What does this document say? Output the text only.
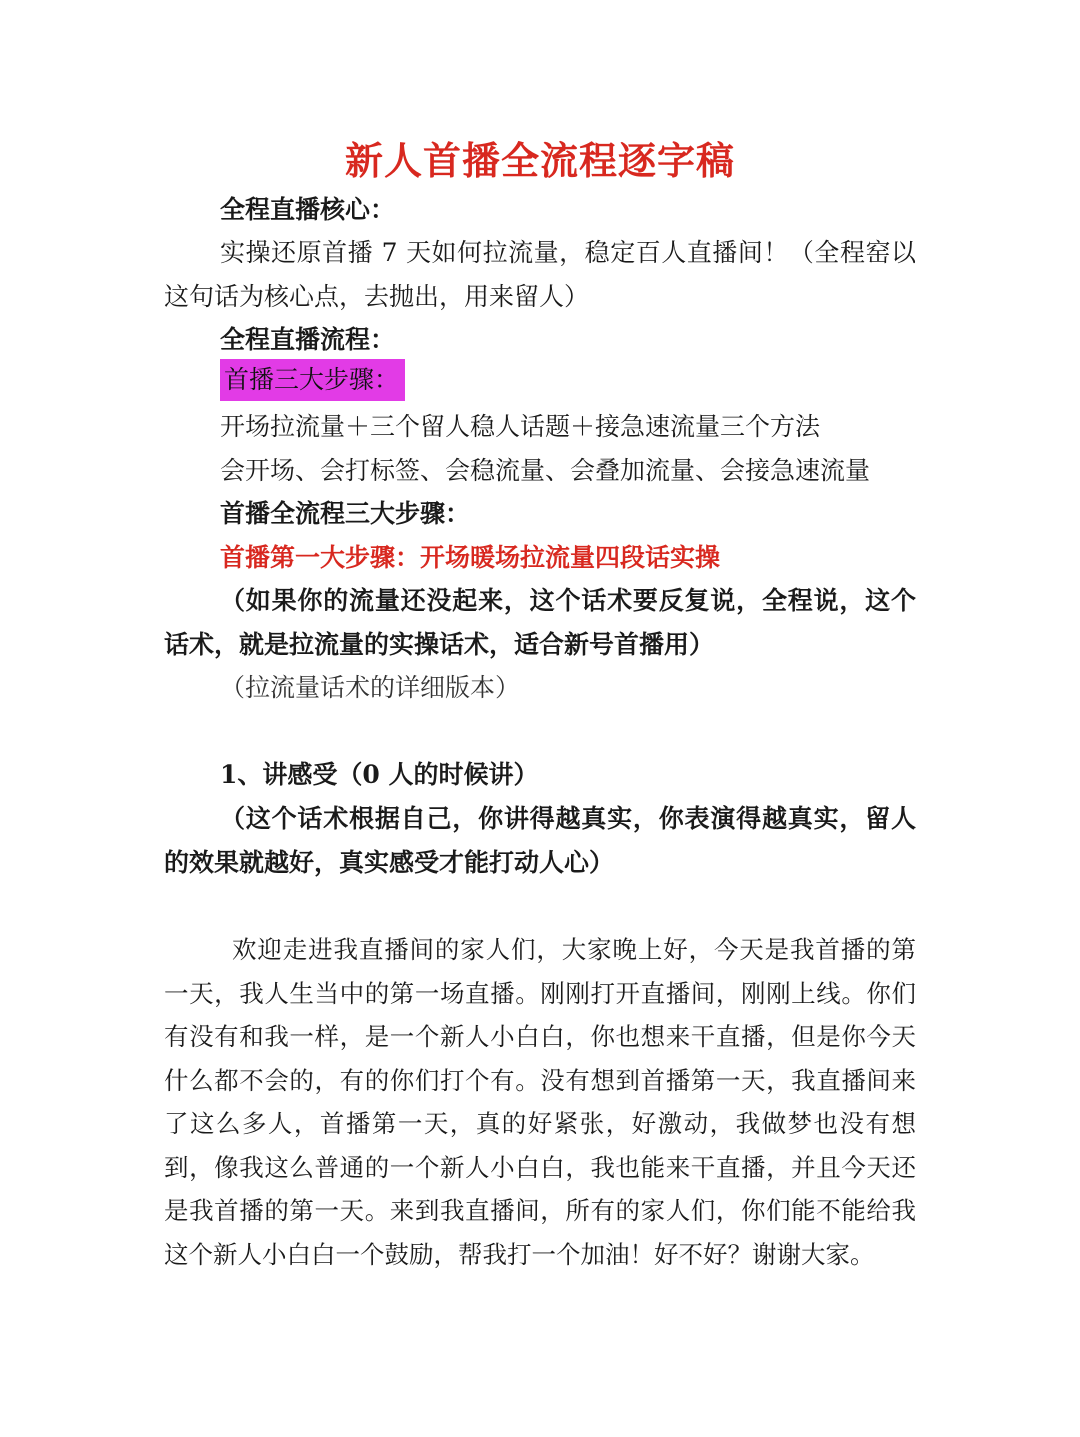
新人首播全流程逐字稿

全程直播核心：

实操还原首播 7 天如何拉流量，稳定百人直播间！（全程窑以这句话为核心点，去抛出，用来留人）

全程直播流程：

首播三大步骤：

开场拉流量＋三个留人稳人话题＋接急速流量三个方法

会开场、会打标签、会稳流量、会叠加流量、会接急速流量

首播全流程三大步骤：

首播第一大步骤：开场暖场拉流量四段话实操

（如果你的流量还没起来，这个话术要反复说，全程说，这个话术，就是拉流量的实操话术，适合新号首播用）

（拉流量话术的详细版本）

1、讲感受（0 人的时候讲）

（这个话术根据自己，你讲得越真实，你表演得越真实，留人的效果就越好，真实感受才能打动人心）

欢迎走进我直播间的家人们，大家晚上好，今天是我首播的第一天，我人生当中的第一场直播。刚刚打开直播间，刚刚上线。你们有没有和我一样，是一个新人小白白，你也想来干直播，但是你今天什么都不会的，有的你们打个有。没有想到首播第一天，我直播间来了这么多人，首播第一天，真的好紧张，好激动，我做梦也没有想到，像我这么普通的一个新人小白白，我也能来干直播，并且今天还是我首播的第一天。来到我直播间，所有的家人们，你们能不能给我这个新人小白白一个鼓励，帮我打一个加油！好不好？谢谢大家。
